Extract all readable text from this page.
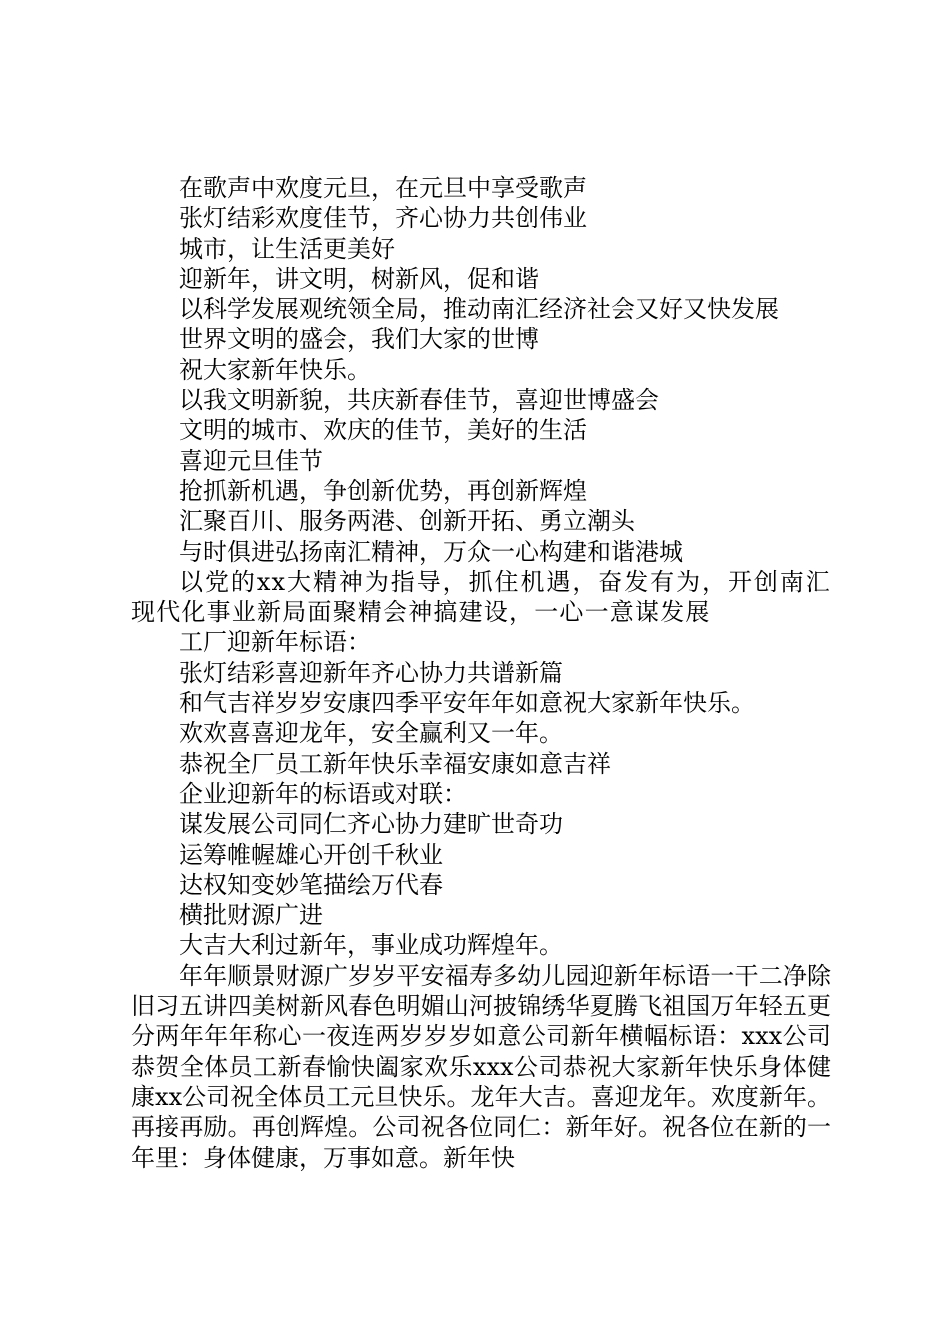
在歌声中欢度元旦，在元旦中享受歌声

张灯结彩欢度佳节，齐心协力共创伟业

城市，让生活更美好

迎新年，讲文明，树新风，促和谐

以科学发展观统领全局，推动南汇经济社会又好又快发展

世界文明的盛会，我们大家的世博

祝大家新年快乐。

以我文明新貌，共庆新春佳节，喜迎世博盛会

文明的城市、欢庆的佳节，美好的生活

喜迎元旦佳节

抢抓新机遇，争创新优势，再创新辉煌

汇聚百川、服务两港、创新开拓、勇立潮头

与时俱进弘扬南汇精神，万众一心构建和谐港城

以党的xx大精神为指导，抓住机遇，奋发有为，开创南汇现代化事业新局面聚精会神搞建设，一心一意谋发展

工厂迎新年标语：

张灯结彩喜迎新年齐心协力共谱新篇

和气吉祥岁岁安康四季平安年年如意祝大家新年快乐。

欢欢喜喜迎龙年，安全赢利又一年。

恭祝全厂员工新年快乐幸福安康如意吉祥

企业迎新年的标语或对联：

谋发展公司同仁齐心协力建旷世奇功

运筹帷幄雄心开创千秋业

达权知变妙笔描绘万代春

横批财源广进

大吉大利过新年，事业成功辉煌年。

年年顺景财源广岁岁平安福寿多幼儿园迎新年标语一干二净除旧习五讲四美树新风春色明媚山河披锦绣华夏腾飞祖国万年轻五更分两年年年称心一夜连两岁岁岁如意公司新年横幅标语：xxx公司恭贺全体员工新春愉快阖家欢乐xxx公司恭祝大家新年快乐身体健康xx公司祝全体员工元旦快乐。龙年大吉。喜迎龙年。欢度新年。再接再励。再创辉煌。公司祝各位同仁：新年好。祝各位在新的一年里：身体健康，万事如意。新年快
